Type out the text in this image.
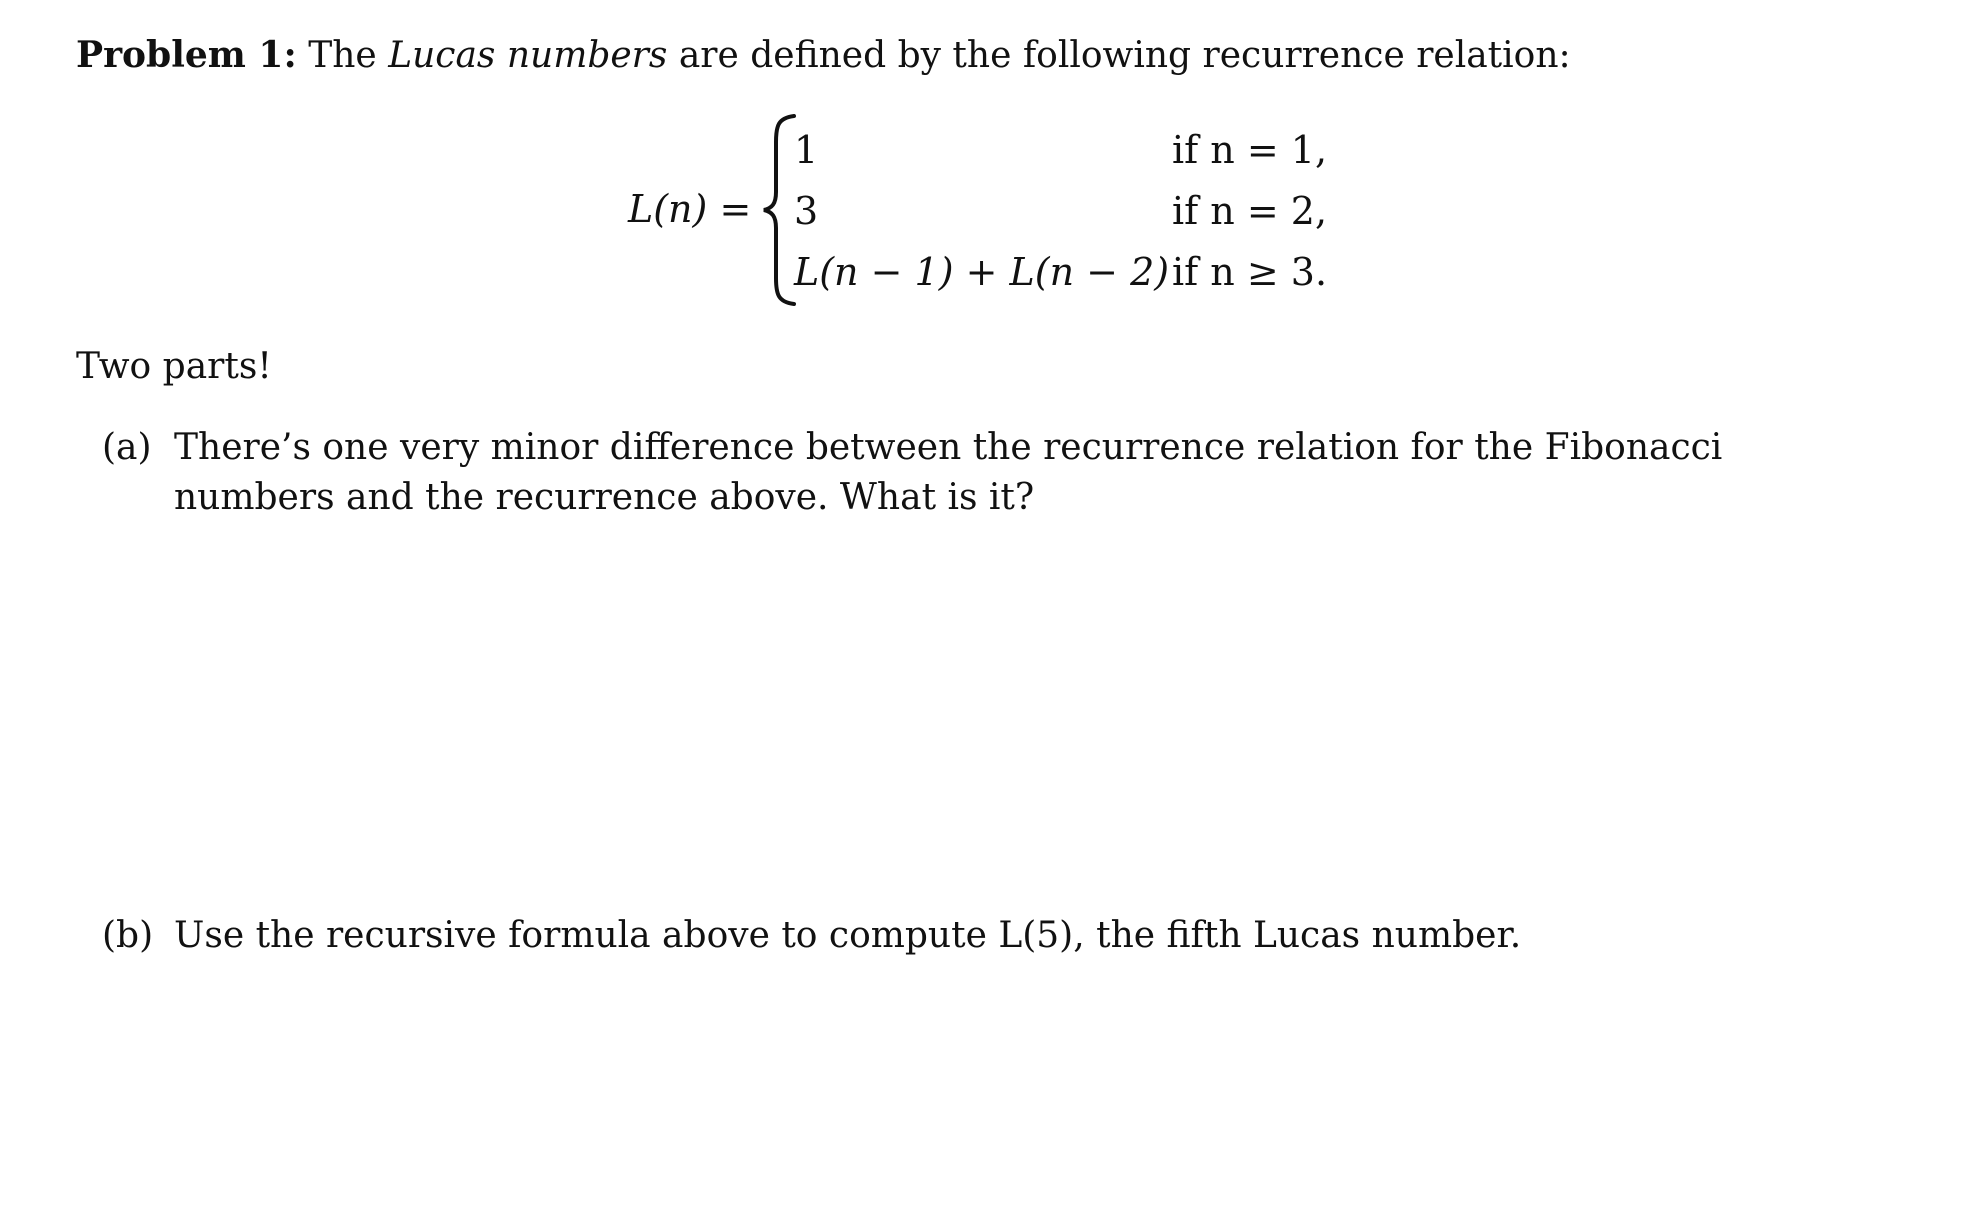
Problem 1: The Lucas numbers are defined by the following recurrence relation:
L(n) =
1	if n = 1,
3	if n = 2,
L(n − 1) + L(n − 2) if n ≥ 3.
Two parts!
(a) There’s one very minor difference between the recurrence relation for the Fibonacci numbers and the recurrence above. What is it?
(b) Use the recursive formula above to compute L(5), the fifth Lucas number.
